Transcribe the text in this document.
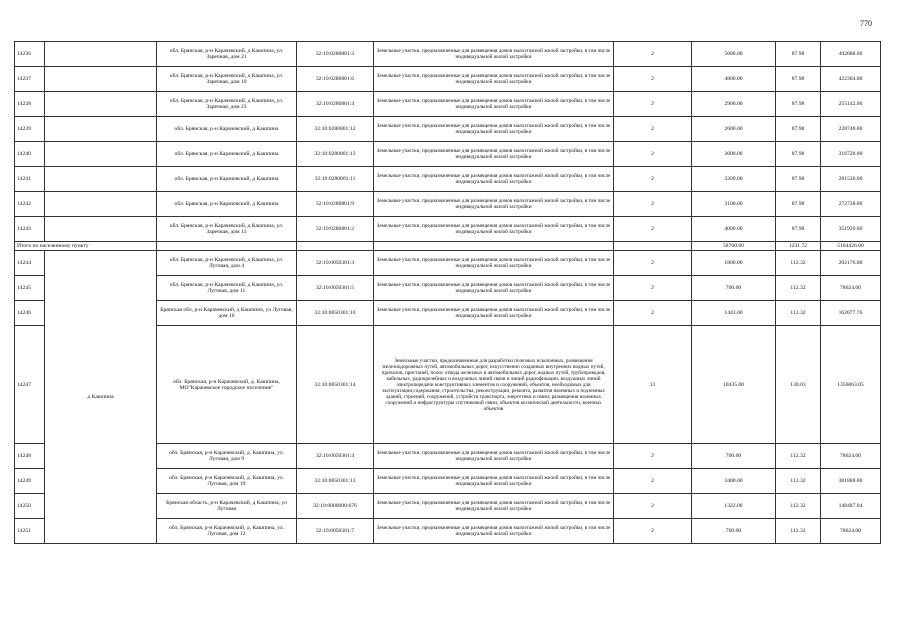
770
14236		обл. Брянская, р-н Карачевский, д Кашпина, ул. Заречная, дом 21	32:10:0280801:3	Земельные участки, предназначенные для размещения домов малоэтажной жилой застройки, в том числе индивидуальной жилой застройки	2	5600.00	87.98	492688.00
14237		обл. Брянская, р-н Карачевский, д Кашпина, ул. Заречная, дом 10	32:10:0280801:6	Земельные участки, предназначенные для размещения домов малоэтажной жилой застройки, в том числе индивидуальной жилой застройки	2	4800.00	87.98	422304.00
14238		обл. Брянская, р-н Карачевский, д Кашпина, ул. Заречная, дом 23	32:10:0280801:4	Земельные участки, предназначенные для размещения домов малоэтажной жилой застройки, в том числе индивидуальной жилой застройки	2	2900.00	87.98	255142.00
14239		обл. Брянская, р-н Карачевский, д Кашпина	32:10:0280801:12	Земельные участки, предназначенные для размещения домов малоэтажной жилой застройки, в том числе индивидуальной жилой застройки	2	2600.00	87.98	228748.00
14240		обл. Брянская, р-н Карачевский, д Кашпина	32:10:0280801:13	Земельные участки, предназначенные для размещения домов малоэтажной жилой застройки, в том числе индивидуальной жилой застройки	2	3600.00	87.98	316728.00
14241		обл. Брянская, р-н Карачевский, д Кашпина	32:10:0280801:11	Земельные участки, предназначенные для размещения домов малоэтажной жилой застройки, в том числе индивидуальной жилой застройки	2	3200.00	87.98	281536.00
14242		обл. Брянская, р-н Карачевский, д Кашпина	32:10:0280801:9	Земельные участки, предназначенные для размещения домов малоэтажной жилой застройки, в том числе индивидуальной жилой застройки	2	3100.00	87.98	272738.00
14243		обл. Брянская, р-н Карачевский, д Кашпина, ул. Заречная, дом 13	32:10:0280801:2	Земельные участки, предназначенные для размещения домов малоэтажной жилой застройки, в том числе индивидуальной жилой застройки	2	4000.00	87.98	351920.00
Итого по населенному пункту						58700.00	1231.72	5164426.00
14244	д Кашпина	обл. Брянская, р-н Карачевский, д Кашпина, ул. Луговая, дом 4	32:10:0050301:3	Земельные участки, предназначенные для размещения домов малоэтажной жилой застройки, в том числе индивидуальной жилой застройки	2	1800.00	112.32	202176.00
14245		обл. Брянская, р-н Карачевский, д Кашпина, ул. Луговая, дом 11	32:10:0050301:5	Земельные участки, предназначенные для размещения домов малоэтажной жилой застройки, в том числе индивидуальной жилой застройки	2	700.00	112.32	78624.00
14246		Брянская обл, р-н Карачевский, д Кашпина, ул Луговая, дом 16	32:10:0050301:10	Земельные участки, предназначенные для размещения домов малоэтажной жилой застройки, в том числе индивидуальной жилой застройки	2	1443.00	112.32	162077.76
14247		обл. Брянская, р-н Карачевский, д. Кашпина, МО"Карачевское городское поселение"	32:10:0050301:14	Земельные участки, предназначенные для разработки полезных ископаемых, размещения железнодорожных путей, автомобильных дорог, искусственно созданных внутренних водных путей, причалов, пристаней, полос отвода железных и автомобильных дорог, водных путей, трубопроводов, кабельных, радиорелейных и воздушных линий связи и линий радиофикации, воздушных линий электропередачи конструктивных элементов и сооружений, объектов, необходимых для эксплуатации,содержания, строительства, реконструкции, ремонта, развития наземных и подземных зданий, строений, сооружений, устройств транспорта, энергетики и связи; размещения наземных сооружений и инфраструктуры спутниковой связи, объектов космической деятельности, военных объектов	13	10435.00	130.03	1356863.05
14248		обл. Брянская, р-н Карачевский, д. Кашпина, ул. Луговая, дом 9	32:10:0050301:4	Земельные участки, предназначенные для размещения домов малоэтажной жилой застройки, в том числе индивидуальной жилой застройки	2	700.00	112.32	78624.00
14249		обл. Брянская, р-н Карачевский, д. Кашпина, ул. Луговая, дом 19	32:10:0050301:13	Земельные участки, предназначенные для размещения домов малоэтажной жилой застройки, в том числе индивидуальной жилой застройки	2	3400.00	112.32	381888.00
14250		Брянская область, р-н Карачевский, д Кашпина, ул Луговая	32:10:0000000:676	Земельные участки, предназначенные для размещения домов малоэтажной жилой застройки, в том числе индивидуальной жилой застройки	2	1322.00	112.32	148487.04
14251		обл. Брянская, р-н Карачевский, д. Кашпина, ул. Луговая, дом 12	32:10:0050301:7	Земельные участки, предназначенные для размещения домов малоэтажной жилой застройки, в том числе индивидуальной жилой застройки	2	700.00	112.32	78624.00
